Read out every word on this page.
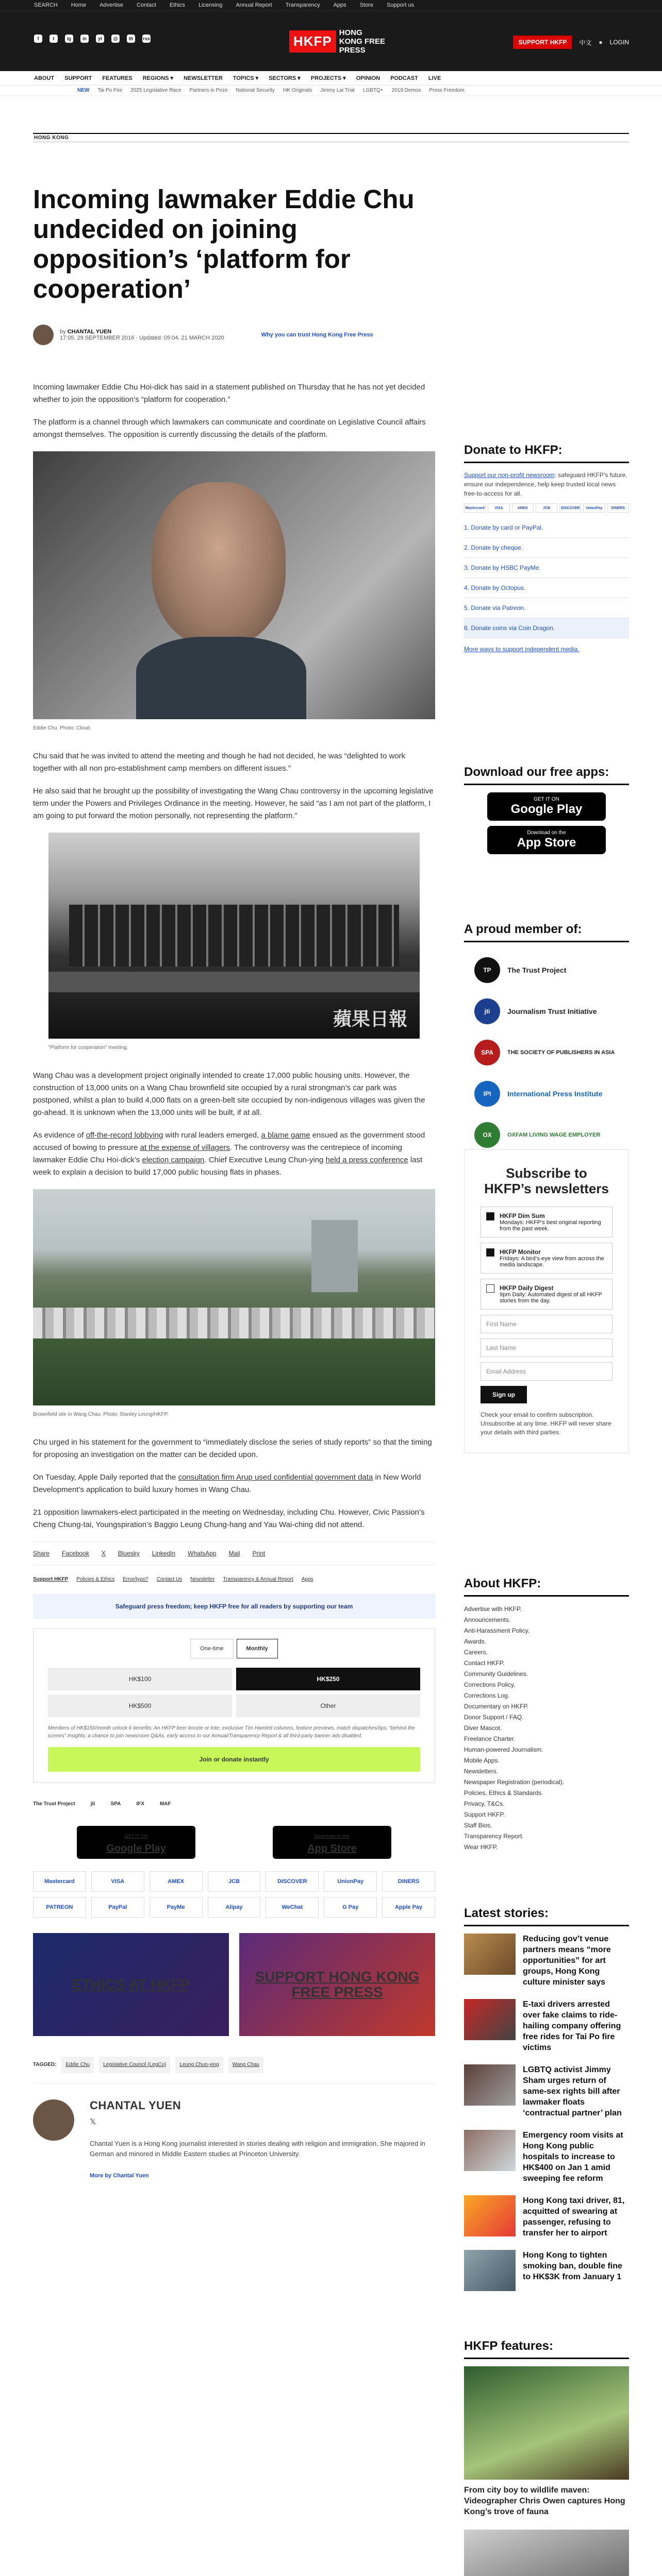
SEARCH Home Advertise Contact Ethics Licensing Annual Report Transparency Apps Store Support us
f	t	ig	in	yt	@	th	rss	HKFP
HONG KONG FREE PRESS
SUPPORT HKFP	中文 ● LOGIN
ABOUT SUPPORT FEATURES REGIONS ▾ NEWSLETTER TOPICS ▾ SECTORS ▾ PROJECTS ▾ OPINION PODCAST LIVE
NEW Tai Po Fire 2025 Legislative Race Partners in Prize National Security HK Originals Jimmy Lai Trial LGBTQ+ 2019 Demos Press Freedom
HONG KONG
Incoming lawmaker Eddie Chu undecided on joining opposition’s ‘platform for cooperation’
by CHANTAL YUEN
17:05, 29 SEPTEMBER 2016 · Updated: 05:04, 21 MARCH 2020	Why you can trust Hong Kong Free Press

Incoming lawmaker Eddie Chu Hoi-dick has said in a statement published on Thursday that he has not yet decided whether to join the opposition’s “platform for cooperation.”

The platform is a channel through which lawmakers can communicate and coordinate on Legislative Council affairs amongst themselves. The opposition is currently discussing the details of the platform.

Eddie Chu. Photo: Cloud.

Chu said that he was invited to attend the meeting and though he had not decided, he was “delighted to work together with all non pro-establishment camp members on different issues.”

He also said that he brought up the possibility of investigating the Wang Chau controversy in the upcoming legislative term under the Powers and Privileges Ordinance in the meeting. However, he said “as I am not part of the platform, I am going to put forward the motion personally, not representing the platform.”

蘋果日報
“Platform for cooperation” meeting.

Wang Chau was a development project originally intended to create 17,000 public housing units. However, the construction of 13,000 units on a Wang Chau brownfield site occupied by a rural strongman’s car park was postponed, whilst a plan to build 4,000 flats on a green-belt site occupied by non-indigenous villages was given the go-ahead. It is unknown when the 13,000 units will be built, if at all.

As evidence of off-the-record lobbying with rural leaders emerged, a blame game ensued as the government stood accused of bowing to pressure at the expense of villagers. The controversy was the centrepiece of incoming lawmaker Eddie Chu Hoi-dick’s election campaign. Chief Executive Leung Chun-ying held a press conference last week to explain a decision to build 17,000 public housing flats in phases.

Brownfield site in Wang Chau. Photo: Stanley Leung/HKFP.

Chu urged in his statement for the government to “immediately disclose the series of study reports” so that the timing for proposing an investigation on the matter can be decided upon.

On Tuesday, Apple Daily reported that the consultation firm Arup used confidential government data in New World Development’s application to build luxury homes in Wang Chau.

21 opposition lawmakers-elect participated in the meeting on Wednesday, including Chu. However, Civic Passion’s Cheng Chung-tai, Youngspiration’s Baggio Leung Chung-hang and Yau Wai-ching did not attend.

Share Facebook X Bluesky LinkedIn WhatsApp Mail Print
Support HKFP Policies & Ethics Error/typo? Contact Us Newsletter Transparency & Annual Report Apps
Safeguard press freedom; keep HKFP free for all readers by supporting our team
One-time	Monthly
HK$100	HK$250
HK$500	Other
Members of HK$150/month unlock 6 benefits: An HKFP beer koozie or tote; exclusive Tim Hamlett columns, feature previews, match dispatches/tips; “behind the scenes” insights; a chance to join newsroom Q&As, early access to our Annual/Transparency Report & all third-party banner ads disabled.
Join or donate instantly
The Trust Project	jti	SPA	IFX	MAF
GET IT ON
Google Play
Download on the
App Store
Mastercard	VISA	AMEX	JCB	DISCOVER	UnionPay	DINERS
PATREON	PayPal	PayMe	Alipay	WeChat	G Pay	Apple Pay
ETHICS AT HKFP	SUPPORT HONG KONG FREE PRESS
TAGGED:	Eddie Chu	Legislative Council (LegCo)	Leung Chun-ying	Wang Chau
CHANTAL YUEN
𝕏

Chantal Yuen is a Hong Kong journalist interested in stories dealing with religion and immigration. She majored in German and minored in Middle Eastern studies at Princeton University.

More by Chantal Yuen
Donate to HKFP:

Support our non-profit newsroom: safeguard HKFP’s future, ensure our independence, help keep trusted local news free-to-access for all.

Mastercard	VISA	AMEX	JCB	DISCOVER	UnionPay	DINERS
1. Donate by card or PayPal.
2. Donate by cheque.
3. Donate by HSBC PayMe.
4. Donate by Octopus.
5. Donate via Patreon.
6. Donate coins via Coin Dragon.
More ways to support independent media.
Download our free apps:
GET IT ON
Google Play
Download on the
App Store
A proud member of:
TP	The Trust Project
jti	Journalism Trust Initiative
SPA	THE SOCIETY OF PUBLISHERS IN ASIA
IPI	International Press Institute
OX	OXFAM LIVING WAGE EMPLOYER
Subscribe to HKFP’s newsletters
HKFP Dim Sum
Mondays: HKFP’s best original reporting from the past week.
HKFP Monitor
Fridays: A bird’s-eye view from across the media landscape.
HKFP Daily Digest
9pm Daily: Automated digest of all HKFP stories from the day.
First Name
Last Name
Email Address
Sign up
Check your email to confirm subscription. Unsubscribe at any time. HKFP will never share your details with third parties.
About HKFP:
Advertise with HKFP.
Announcements.
Anti-Harassment Policy.
Awards.
Careers.
Contact HKFP.
Community Guidelines.
Corrections Policy.
Corrections Log.
Documentary on HKFP.
Donor Support / FAQ.
Diver Mascot.
Freelance Charter.
Human-powered Journalism.
Mobile Apps.
Newsletters.
Newspaper Registration (periodical).
Policies, Ethics & Standards.
Privacy, T&Cs.
Support HKFP.
Staff Bios.
Transparency Report.
Wear HKFP.
Latest stories:

Reducing gov’t venue partners means “more opportunities” for art groups, Hong Kong culture minister says

E-taxi drivers arrested over fake claims to ride-hailing company offering free rides for Tai Po fire victims

LGBTQ activist Jimmy Sham urges return of same-sex rights bill after lawmaker floats ‘contractual partner’ plan

Emergency room visits at Hong Kong public hospitals to increase to HK$400 on Jan 1 amid sweeping fee reform

Hong Kong taxi driver, 81, acquitted of swearing at passenger, refusing to transfer her to airport

Hong Kong to tighten smoking ban, double fine to HK$3K from January 1

HKFP features:

From city boy to wildlife maven: Videographer Chris Owen captures Hong Kong’s trove of fauna
